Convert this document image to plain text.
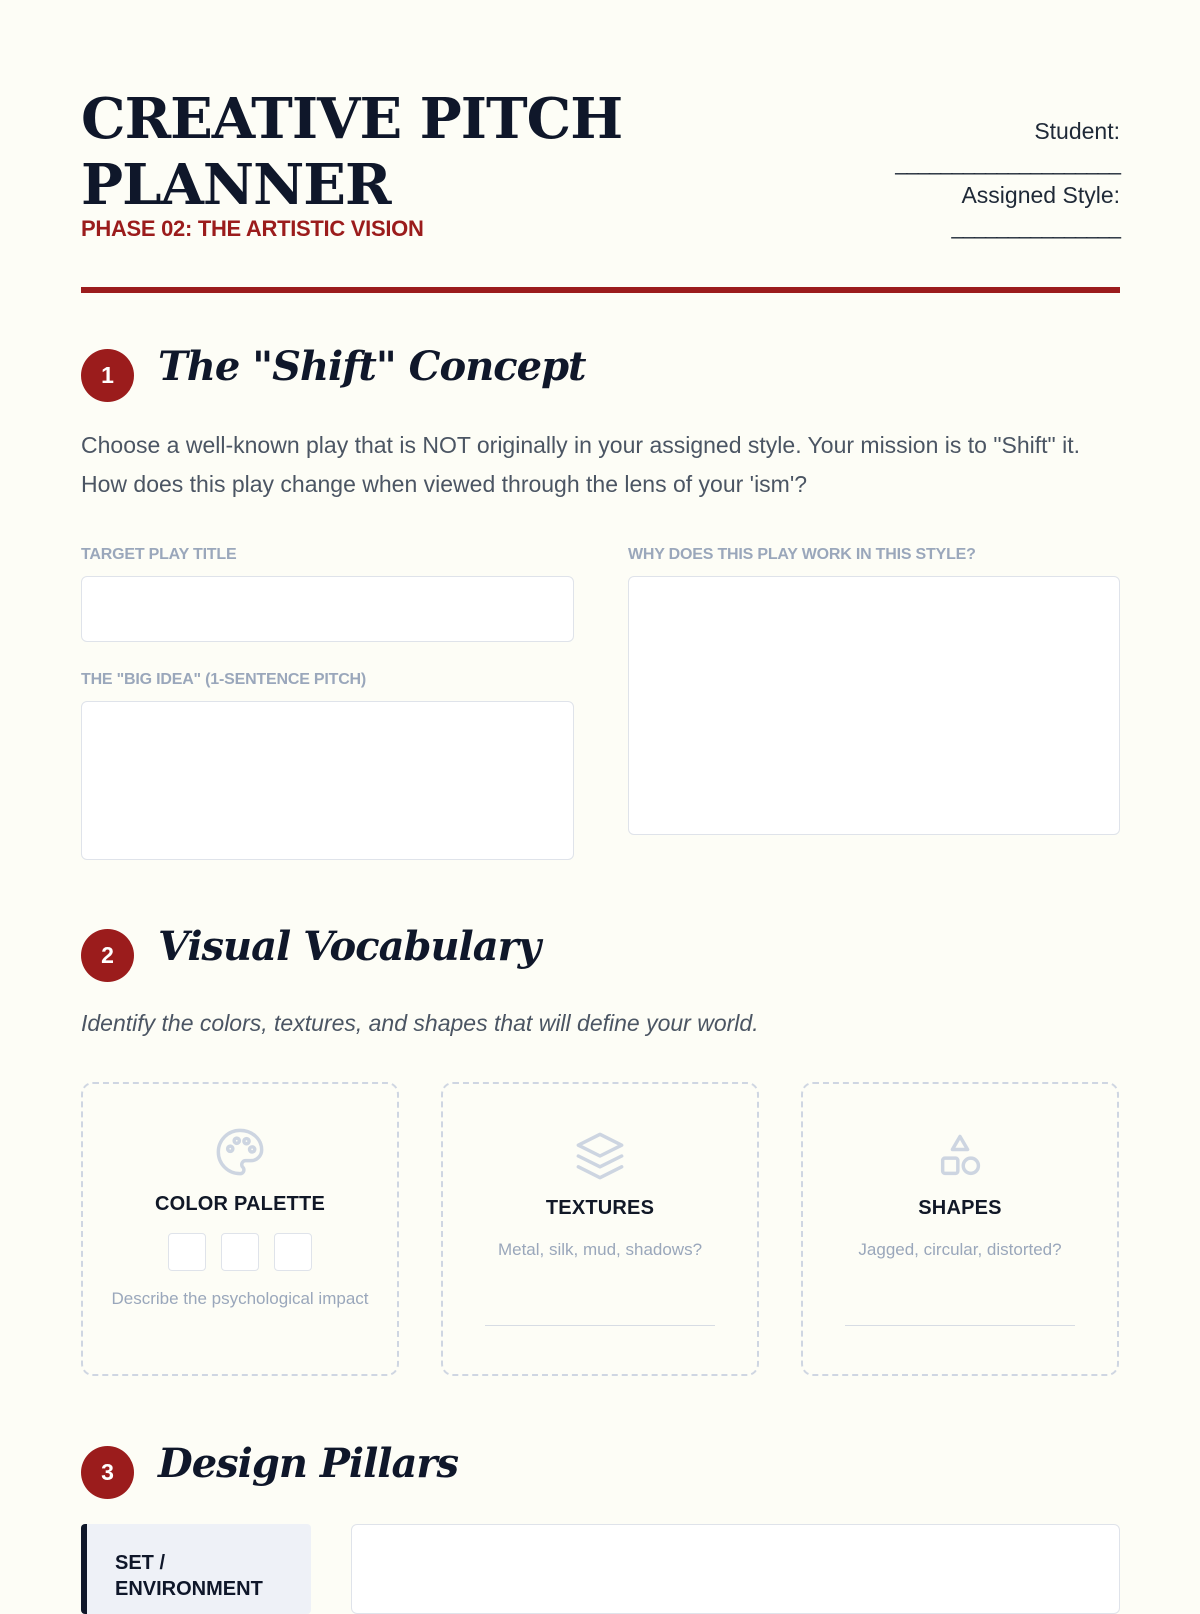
CREATIVE PITCH
PLANNER
PHASE 02: THE ARTISTIC VISION
Student:
____________________
Assigned Style:
_______________
1	The "Shift" Concept

Choose a well-known play that is NOT originally in your assigned style. Your mission is to "Shift" it. How does this play change when viewed through the lens of your 'ism'?

TARGET PLAY TITLE	WHY DOES THIS PLAY WORK IN THIS STYLE?
THE "BIG IDEA" (1-SENTENCE PITCH)
2	Visual Vocabulary

Identify the colors, textures, and shapes that will define your world.

COLOR PALETTE
Describe the psychological impact
TEXTURES
Metal, silk, mud, shadows?
SHAPES
Jagged, circular, distorted?
3	Design Pillars
SET / ENVIRONMENT
